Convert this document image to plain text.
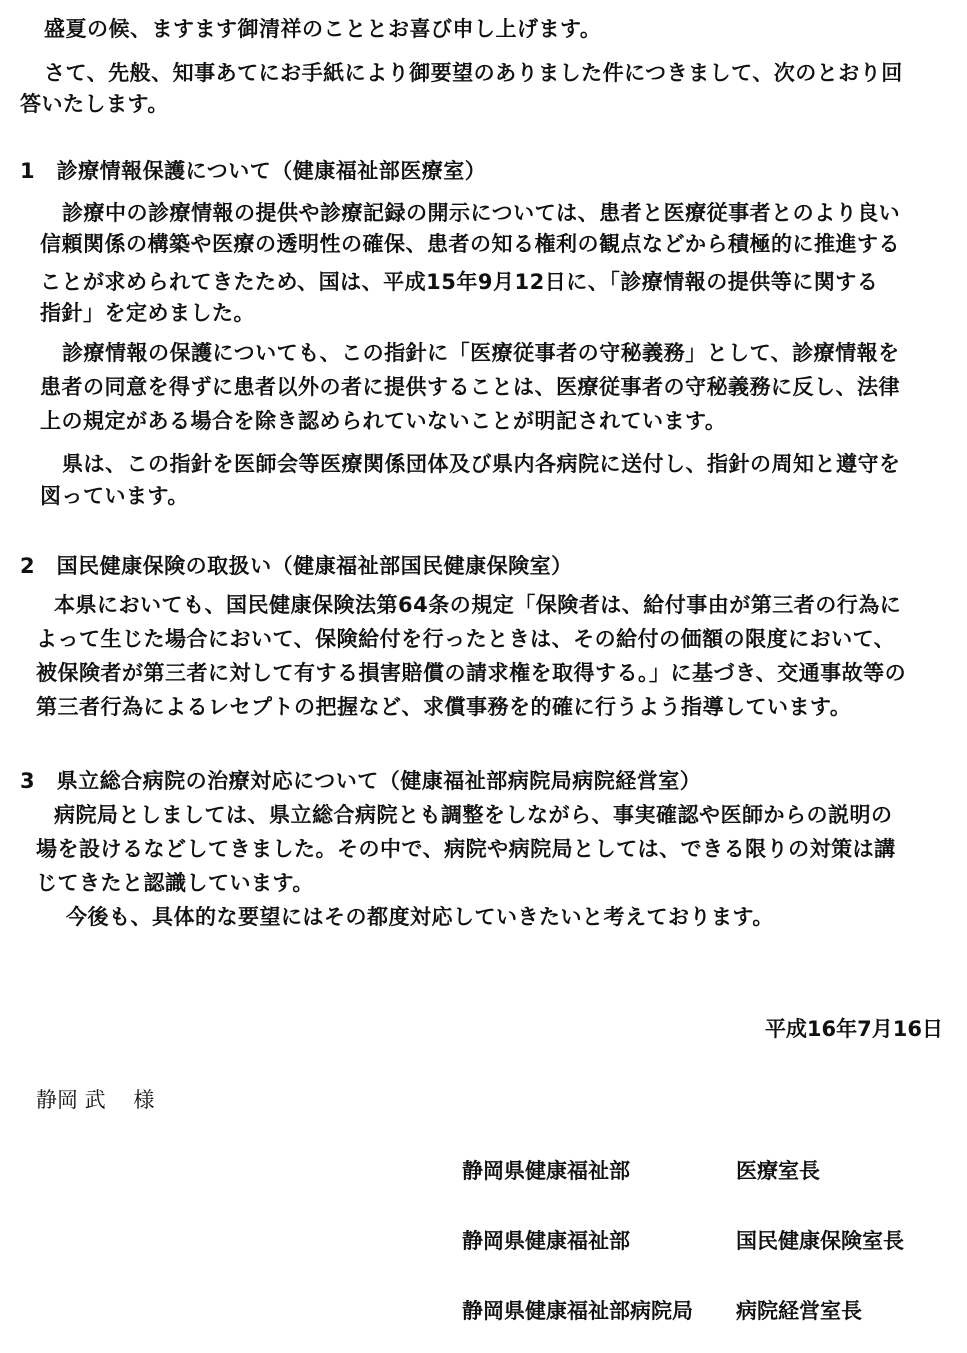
盛夏の候、ますます御清祥のこととお喜び申し上げます。
さて、先般、知事あてにお手紙により御要望のありました件につきまして、次のとおり回
答いたします。
1　診療情報保護について（健康福祉部医療室）
診療中の診療情報の提供や診療記録の開示については、患者と医療従事者とのより良い
信頼関係の構築や医療の透明性の確保、患者の知る権利の観点などから積極的に推進する
ことが求められてきたため、国は、平成15年9月12日に、「診療情報の提供等に関する
指針」を定めました。
診療情報の保護についても、この指針に「医療従事者の守秘義務」として、診療情報を
患者の同意を得ずに患者以外の者に提供することは、医療従事者の守秘義務に反し、法律
上の規定がある場合を除き認められていないことが明記されています。
県は、この指針を医師会等医療関係団体及び県内各病院に送付し、指針の周知と遵守を
図っています。
2　国民健康保険の取扱い（健康福祉部国民健康保険室）
本県においても、国民健康保険法第64条の規定「保険者は、給付事由が第三者の行為に
よって生じた場合において、保険給付を行ったときは、その給付の価額の限度において、
被保険者が第三者に対して有する損害賠償の請求権を取得する。」に基づき、交通事故等の
第三者行為によるレセプトの把握など、求償事務を的確に行うよう指導しています。
3　県立総合病院の治療対応について（健康福祉部病院局病院経営室）
病院局としましては、県立総合病院とも調整をしながら、事実確認や医師からの説明の
場を設けるなどしてきました。その中で、病院や病院局としては、できる限りの対策は講
じてきたと認識しています。
今後も、具体的な要望にはその都度対応していきたいと考えております。
平成16年7月16日
静岡 武　 様
静岡県健康福祉部	医療室長
静岡県健康福祉部	国民健康保険室長
静岡県健康福祉部病院局 病院経営室長
